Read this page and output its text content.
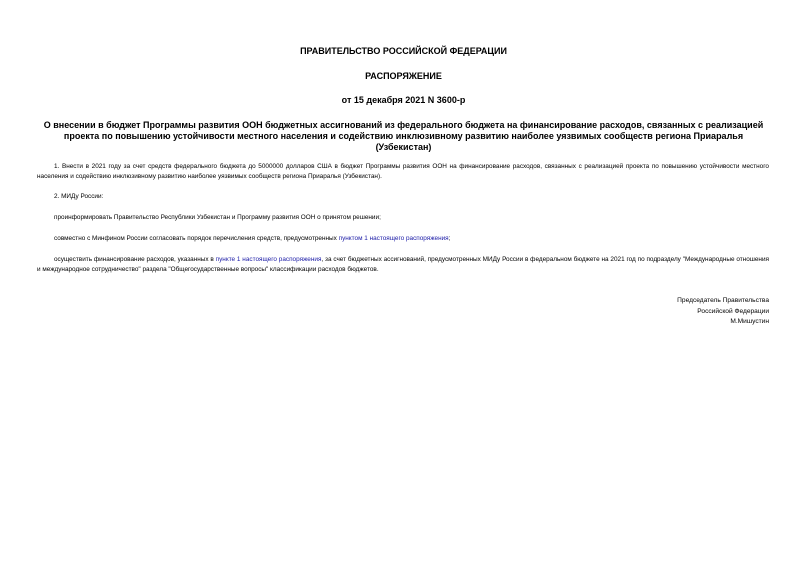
ПРАВИТЕЛЬСТВО РОССИЙСКОЙ ФЕДЕРАЦИИ
РАСПОРЯЖЕНИЕ
от 15 декабря 2021 N 3600-р
О внесении в бюджет Программы развития ООН бюджетных ассигнований из федерального бюджета на финансирование расходов, связанных с реализацией проекта по повышению устойчивости местного населения и содействию инклюзивному развитию наиболее уязвимых сообществ региона Приаралья (Узбекистан)
1. Внести в 2021 году за счет средств федерального бюджета до 5000000 долларов США в бюджет Программы развития ООН на финансирование расходов, связанных с реализацией проекта по повышению устойчивости местного населения и содействию инклюзивному развитию наиболее уязвимых сообществ региона Приаралья (Узбекистан).
2. МИДу России:
проинформировать Правительство Республики Узбекистан и Программу развития ООН о принятом решении;
совместно с Минфином России согласовать порядок перечисления средств, предусмотренных пунктом 1 настоящего распоряжения;
осуществить финансирование расходов, указанных в пункте 1 настоящего распоряжения, за счет бюджетных ассигнований, предусмотренных МИДу России в федеральном бюджете на 2021 год по подразделу "Международные отношения и международное сотрудничество" раздела "Общегосударственные вопросы" классификации расходов бюджетов.
Председатель Правительства
Российской Федерации
М.Мишустин
